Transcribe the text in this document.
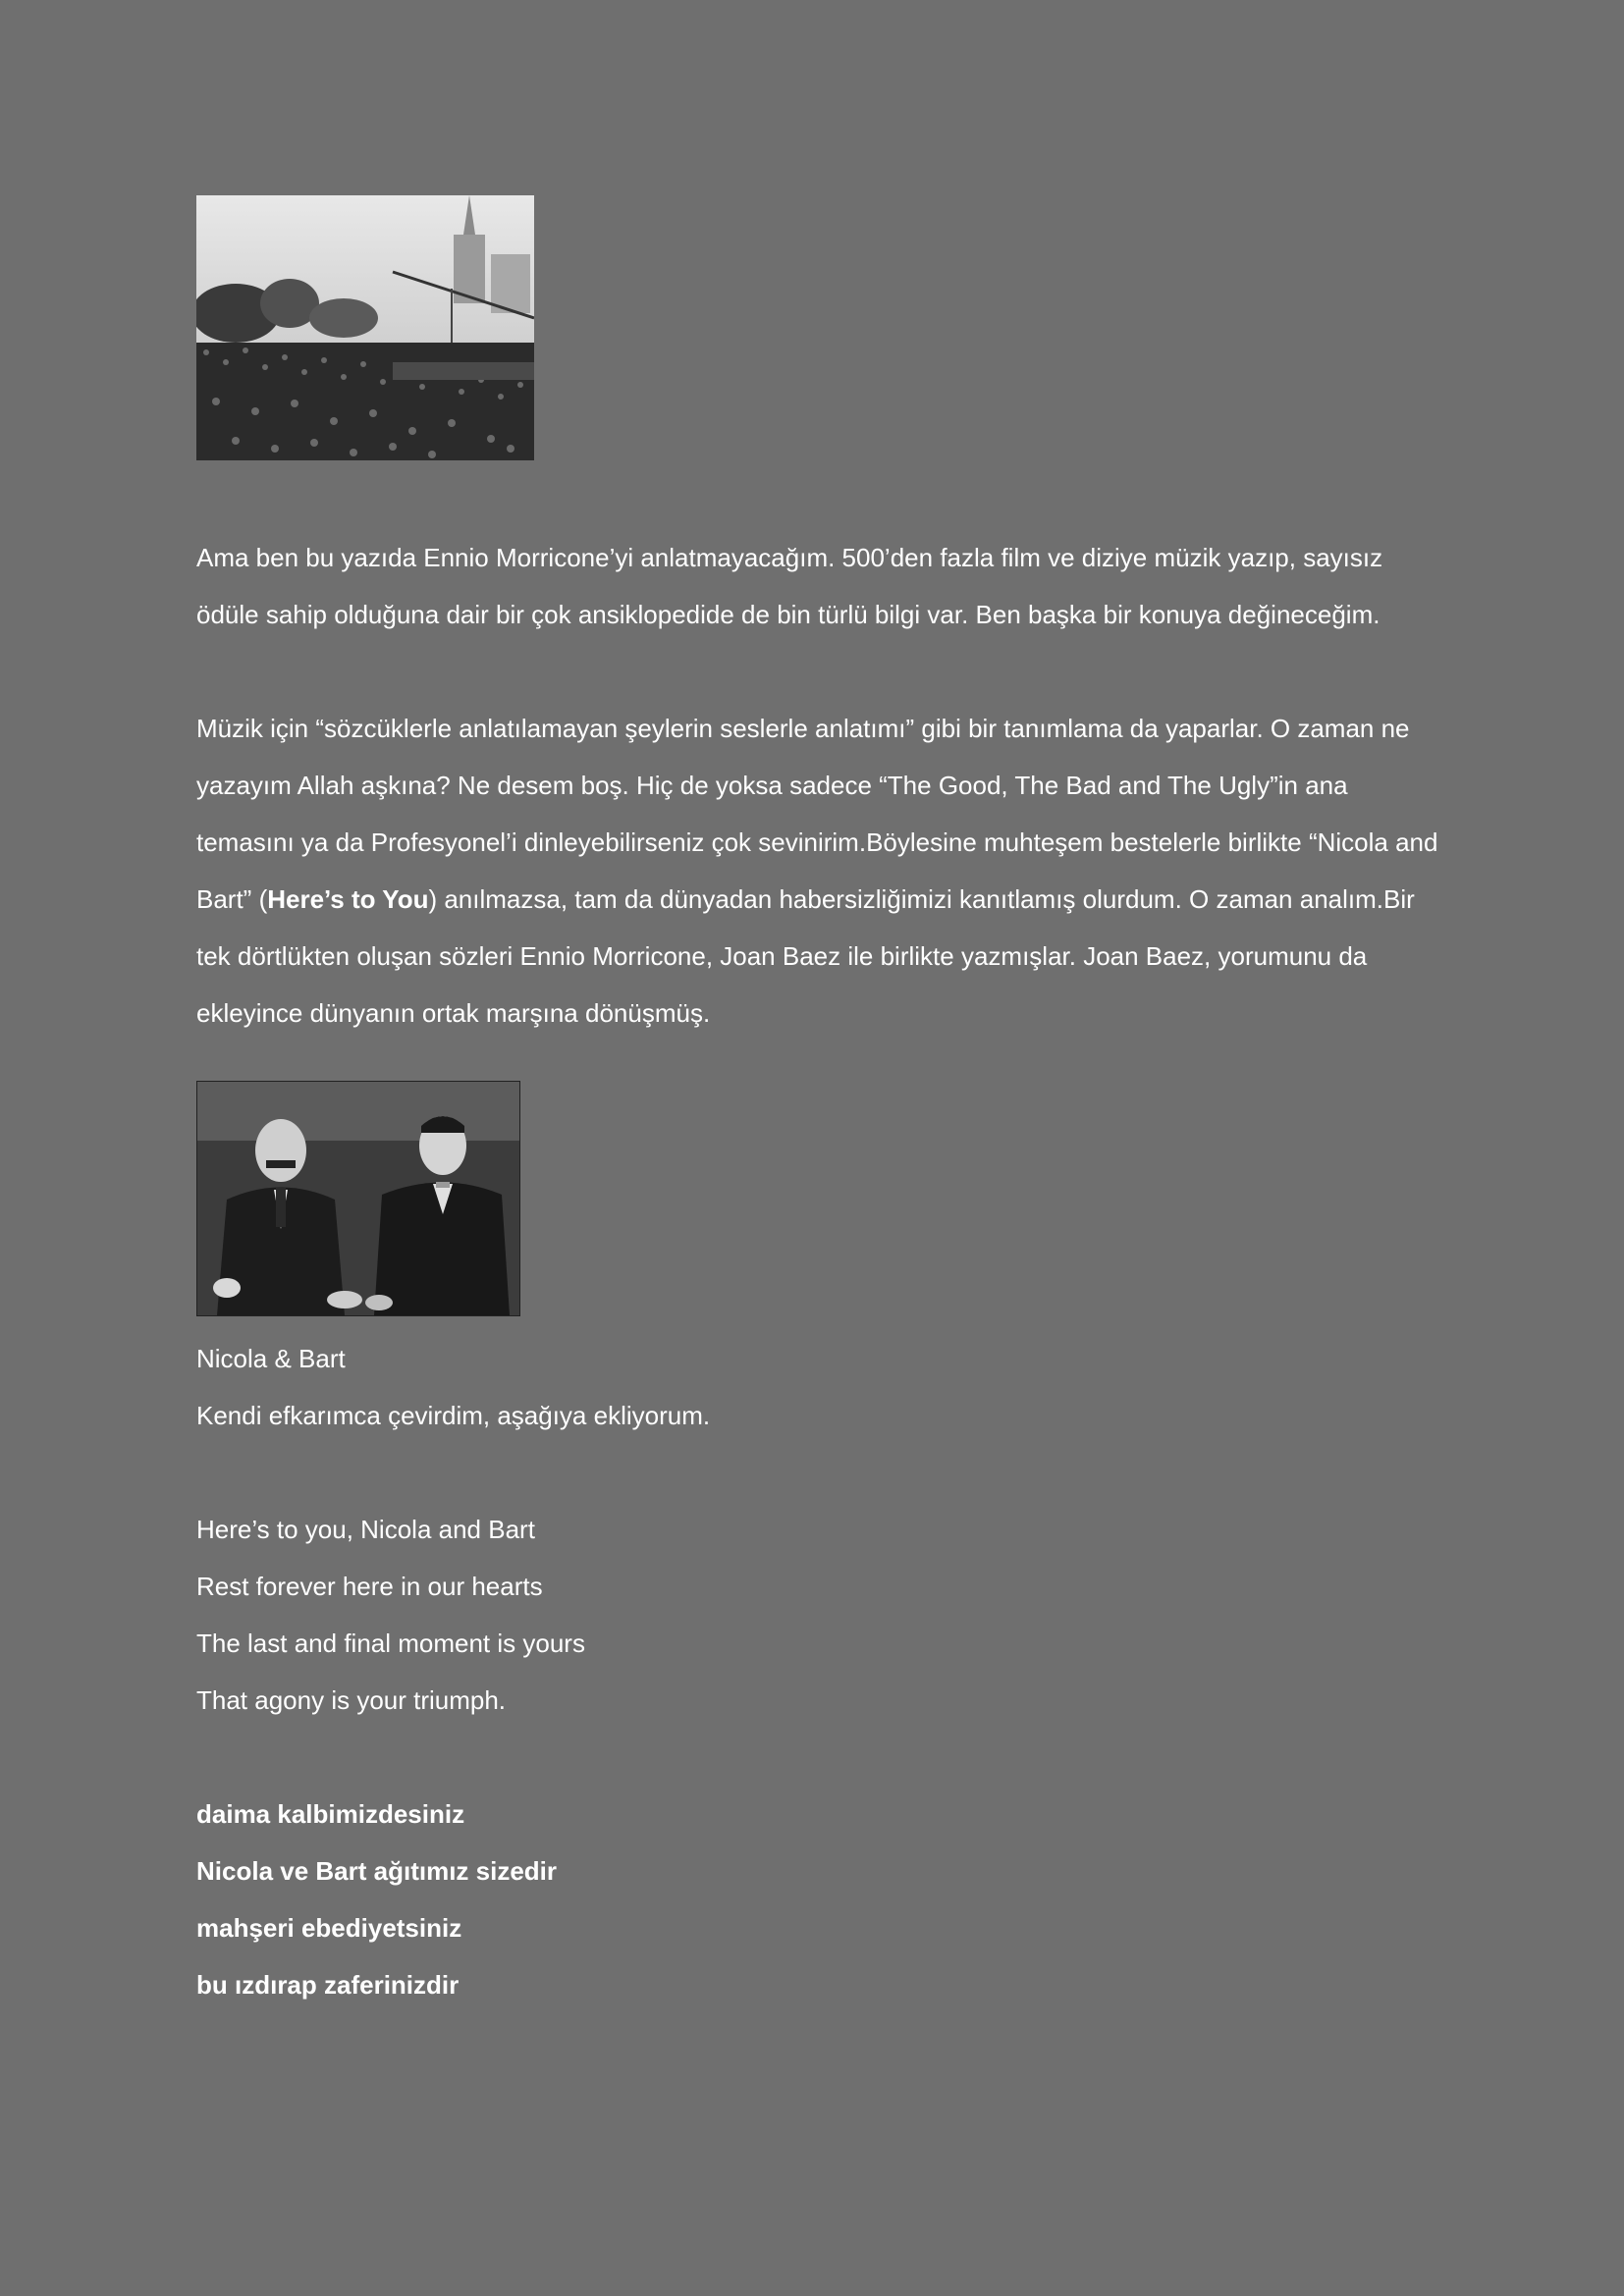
Ama ben bu yazıda Ennio Morricone’yi anlatmayacağım. 500’den fazla film ve diziye müzik yazıp, sayısız ödüle sahip olduğuna dair bir çok ansiklopedide de bin türlü bilgi var. Ben başka bir konuya değineceğim.

Müzik için “sözcüklerle anlatılamayan şeylerin seslerle anlatımı” gibi bir tanımlama da yaparlar. O zaman ne yazayım Allah aşkına? Ne desem boş. Hiç de yoksa sadece “The Good, The Bad and The Ugly”in ana temasını ya da Profesyonel’i dinleyebilirseniz çok sevinirim.Böylesine muhteşem bestelerle birlikte “Nicola and Bart” (Here’s to You) anılmazsa, tam da dünyadan habersizliğimizi kanıtlamış olurdum. O zaman analım.Bir tek dörtlükten oluşan sözleri Ennio Morricone, Joan Baez ile birlikte yazmışlar. Joan Baez, yorumunu da ekleyince dünyanın ortak marşına dönüşmüş.

Nicola & Bart

Kendi efkarımca çevirdim, aşağıya ekliyorum.

Here’s to you, Nicola and Bart

Rest forever here in our hearts

The last and final moment is yours

That agony is your triumph.

daima kalbimizdesiniz

Nicola ve Bart ağıtımız sizedir

mahşeri ebediyetsiniz

bu ızdırap zaferinizdir
